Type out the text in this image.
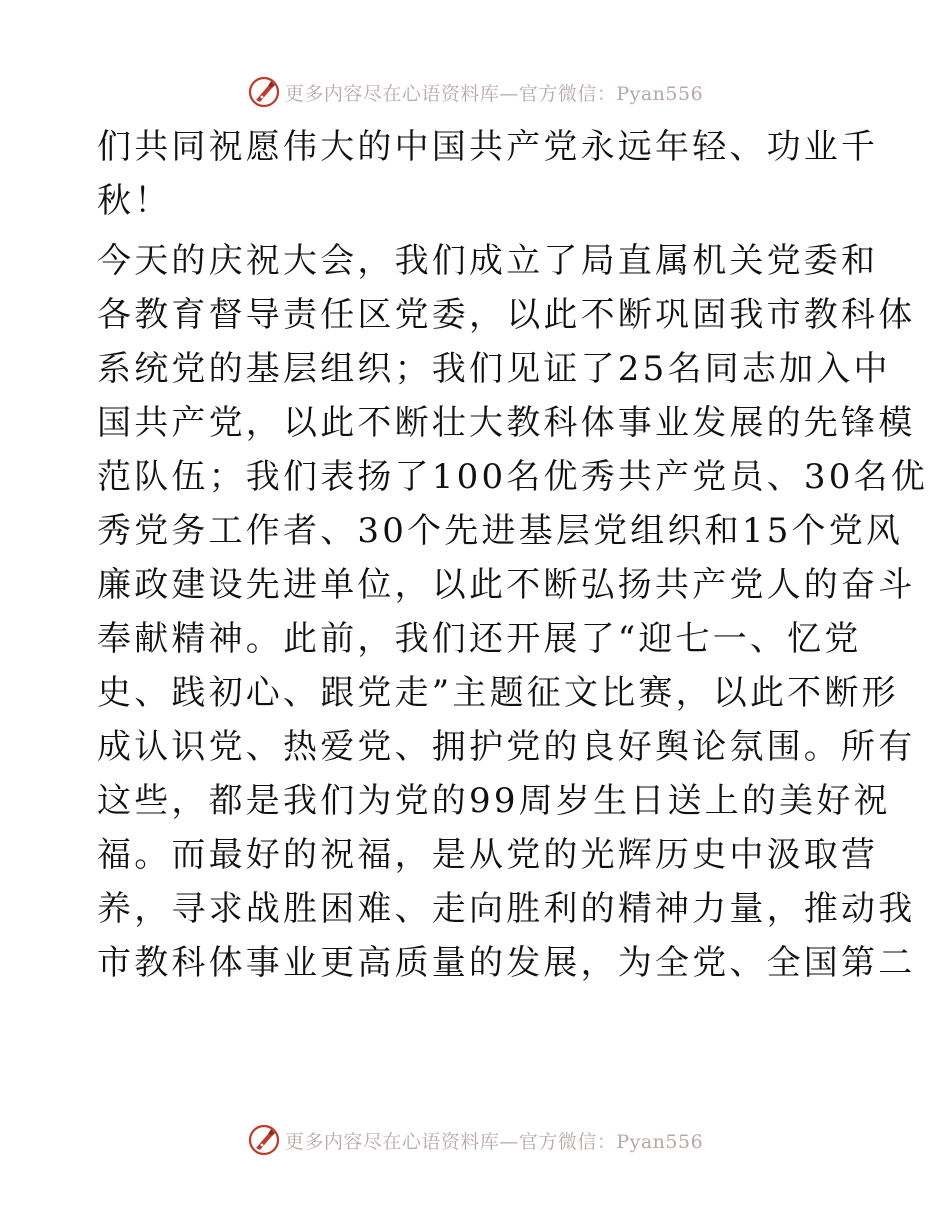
更多内容尽在心语资料库—官方微信：Pyan556
们共同祝愿伟大的中国共产党永远年轻、功业千
秋！
今天的庆祝大会，我们成立了局直属机关党委和
各教育督导责任区党委，以此不断巩固我市教科体
系统党的基层组织；我们见证了25名同志加入中
国共产党，以此不断壮大教科体事业发展的先锋模
范队伍；我们表扬了100名优秀共产党员、30名优
秀党务工作者、30个先进基层党组织和15个党风
廉政建设先进单位，以此不断弘扬共产党人的奋斗
奉献精神。此前，我们还开展了“迎七一、忆党
史、践初心、跟党走”主题征文比赛，以此不断形
成认识党、热爱党、拥护党的良好舆论氛围。所有
这些，都是我们为党的99周岁生日送上的美好祝
福。而最好的祝福，是从党的光辉历史中汲取营
养，寻求战胜困难、走向胜利的精神力量，推动我
市教科体事业更高质量的发展，为全党、全国第二
更多内容尽在心语资料库—官方微信：Pyan556
